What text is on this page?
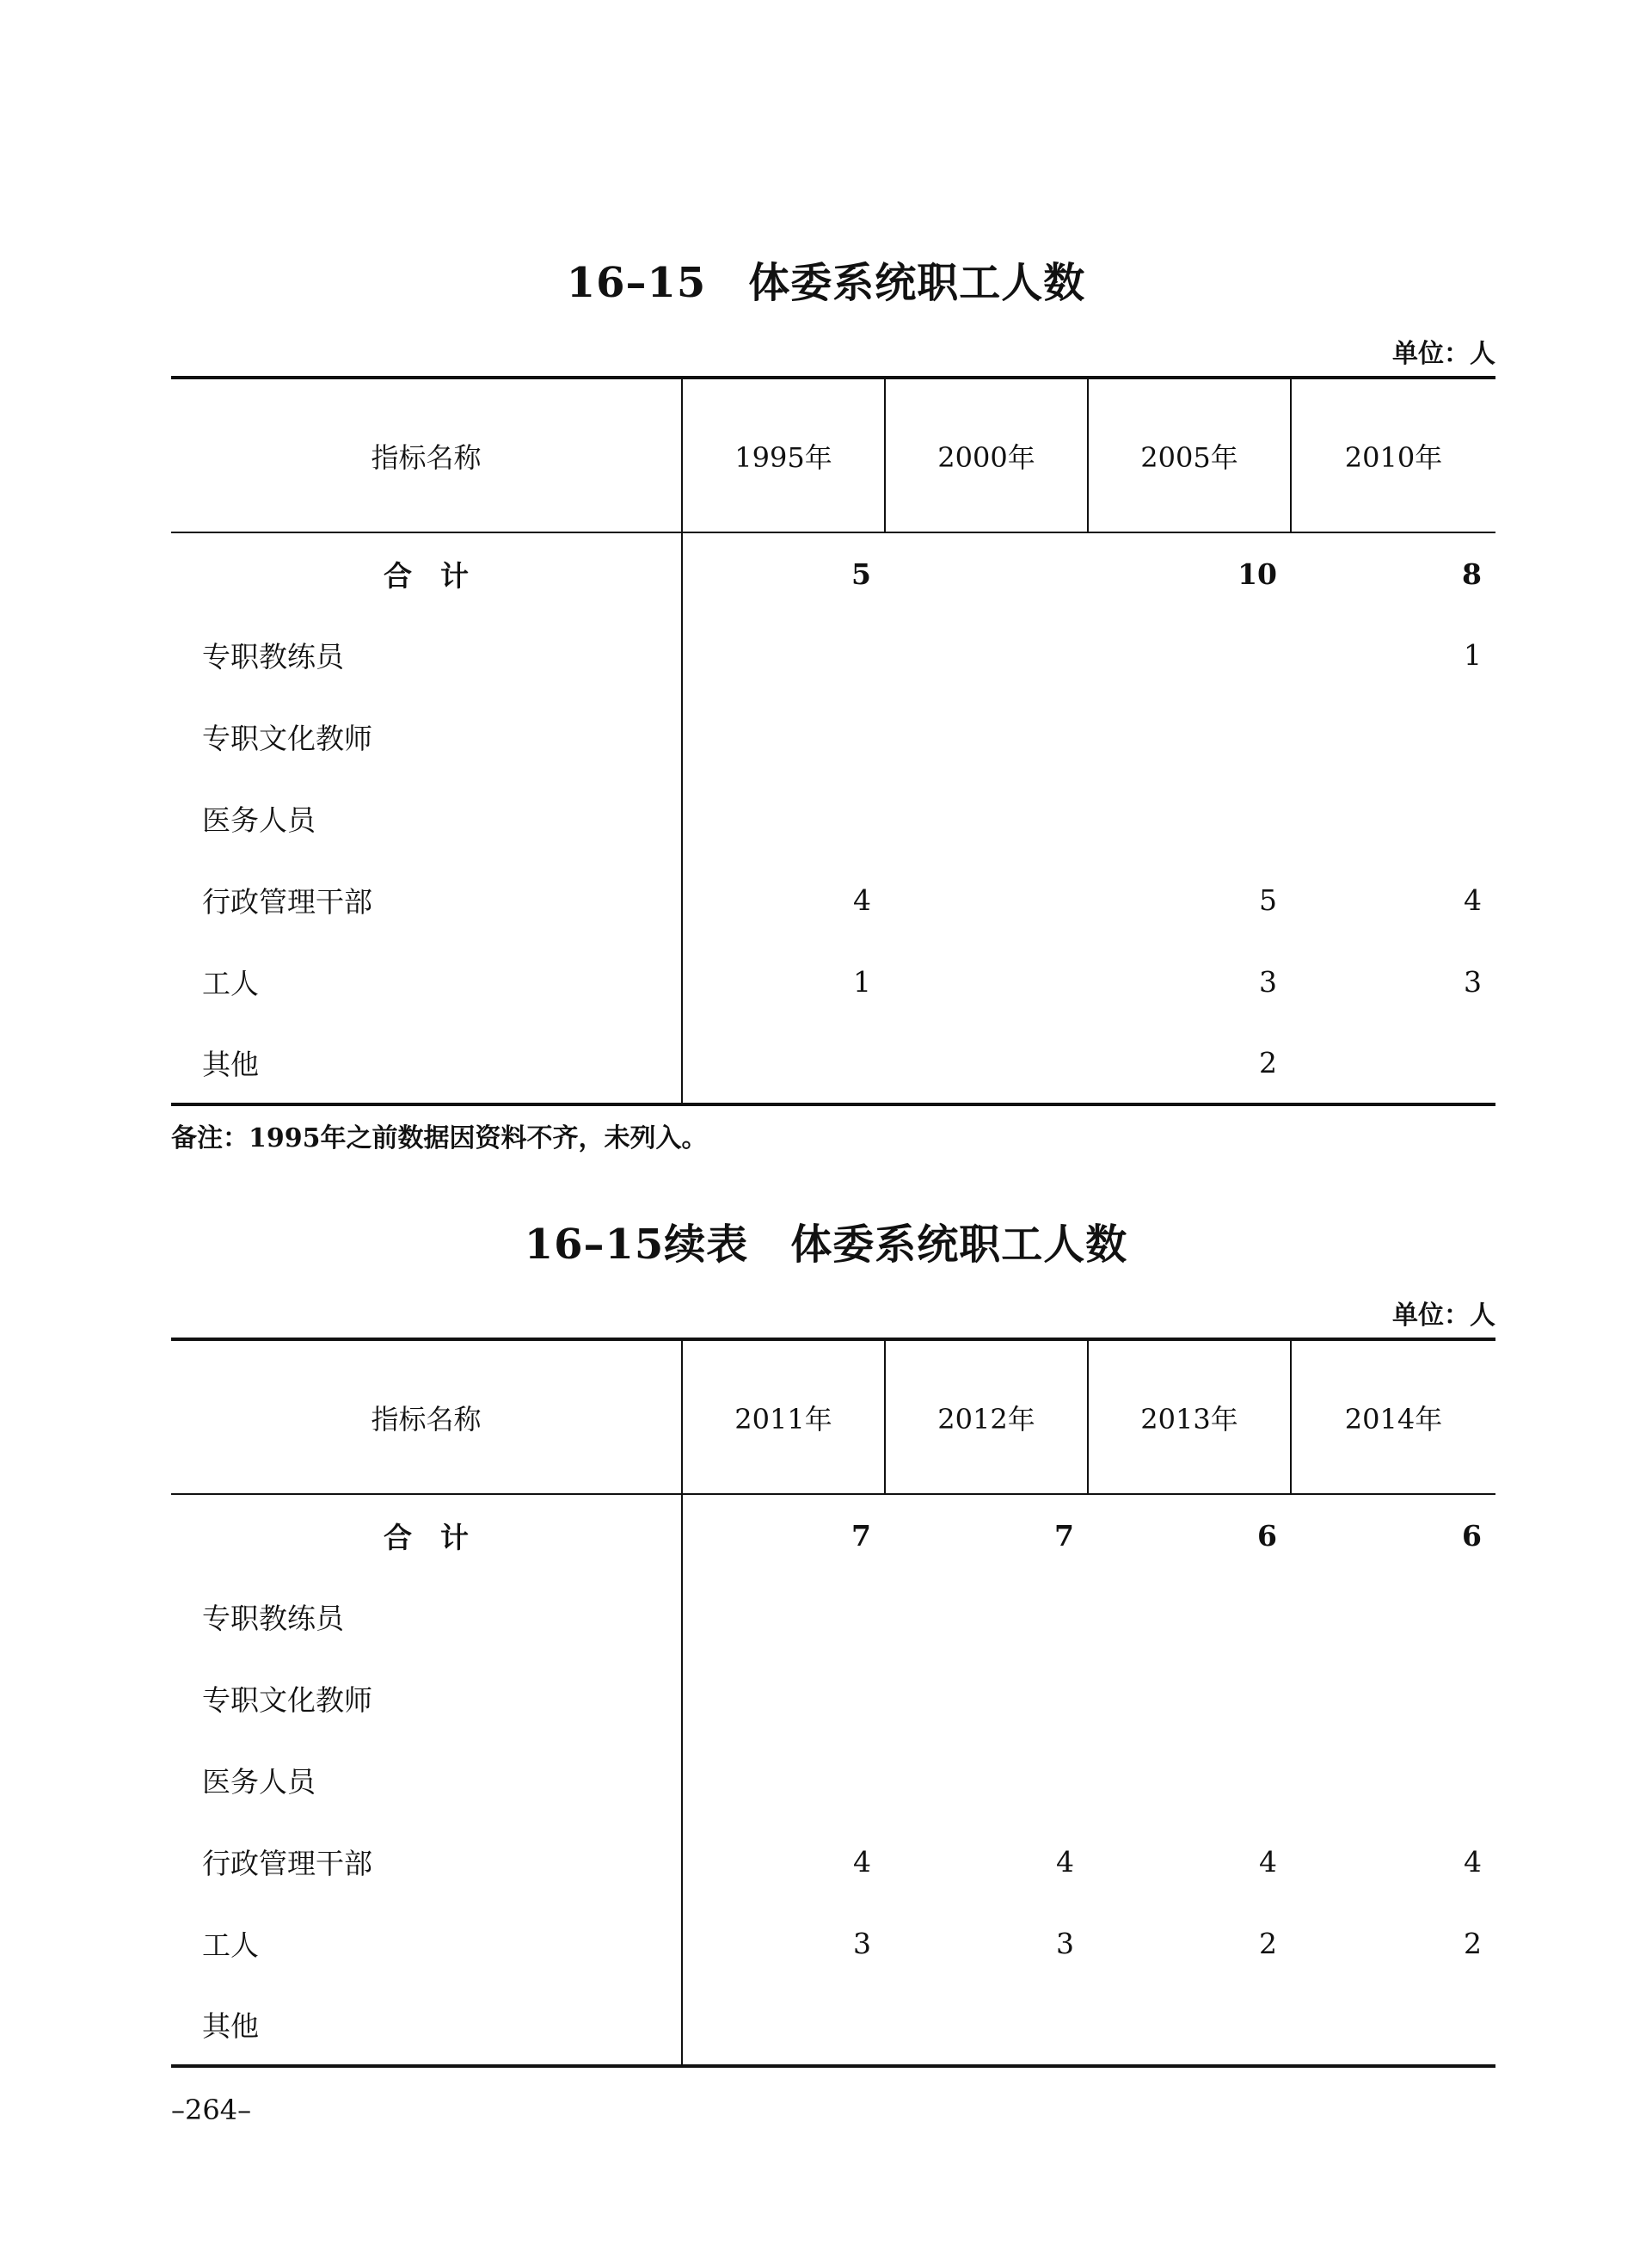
16–15　体委系统职工人数
单位：人
指标名称	1995年	2000年	2005年	2010年
合　计	5		10	8
专职教练员				1
专职文化教师				
医务人员				
行政管理干部	4		5	4
工人	1		3	3
其他			2	
备注：1995年之前数据因资料不齐，未列入。
16–15续表　体委系统职工人数
单位：人
指标名称	2011年	2012年	2013年	2014年
合　计	7	7	6	6
专职教练员				
专职文化教师				
医务人员				
行政管理干部	4	4	4	4
工人	3	3	2	2
其他				
–264–
